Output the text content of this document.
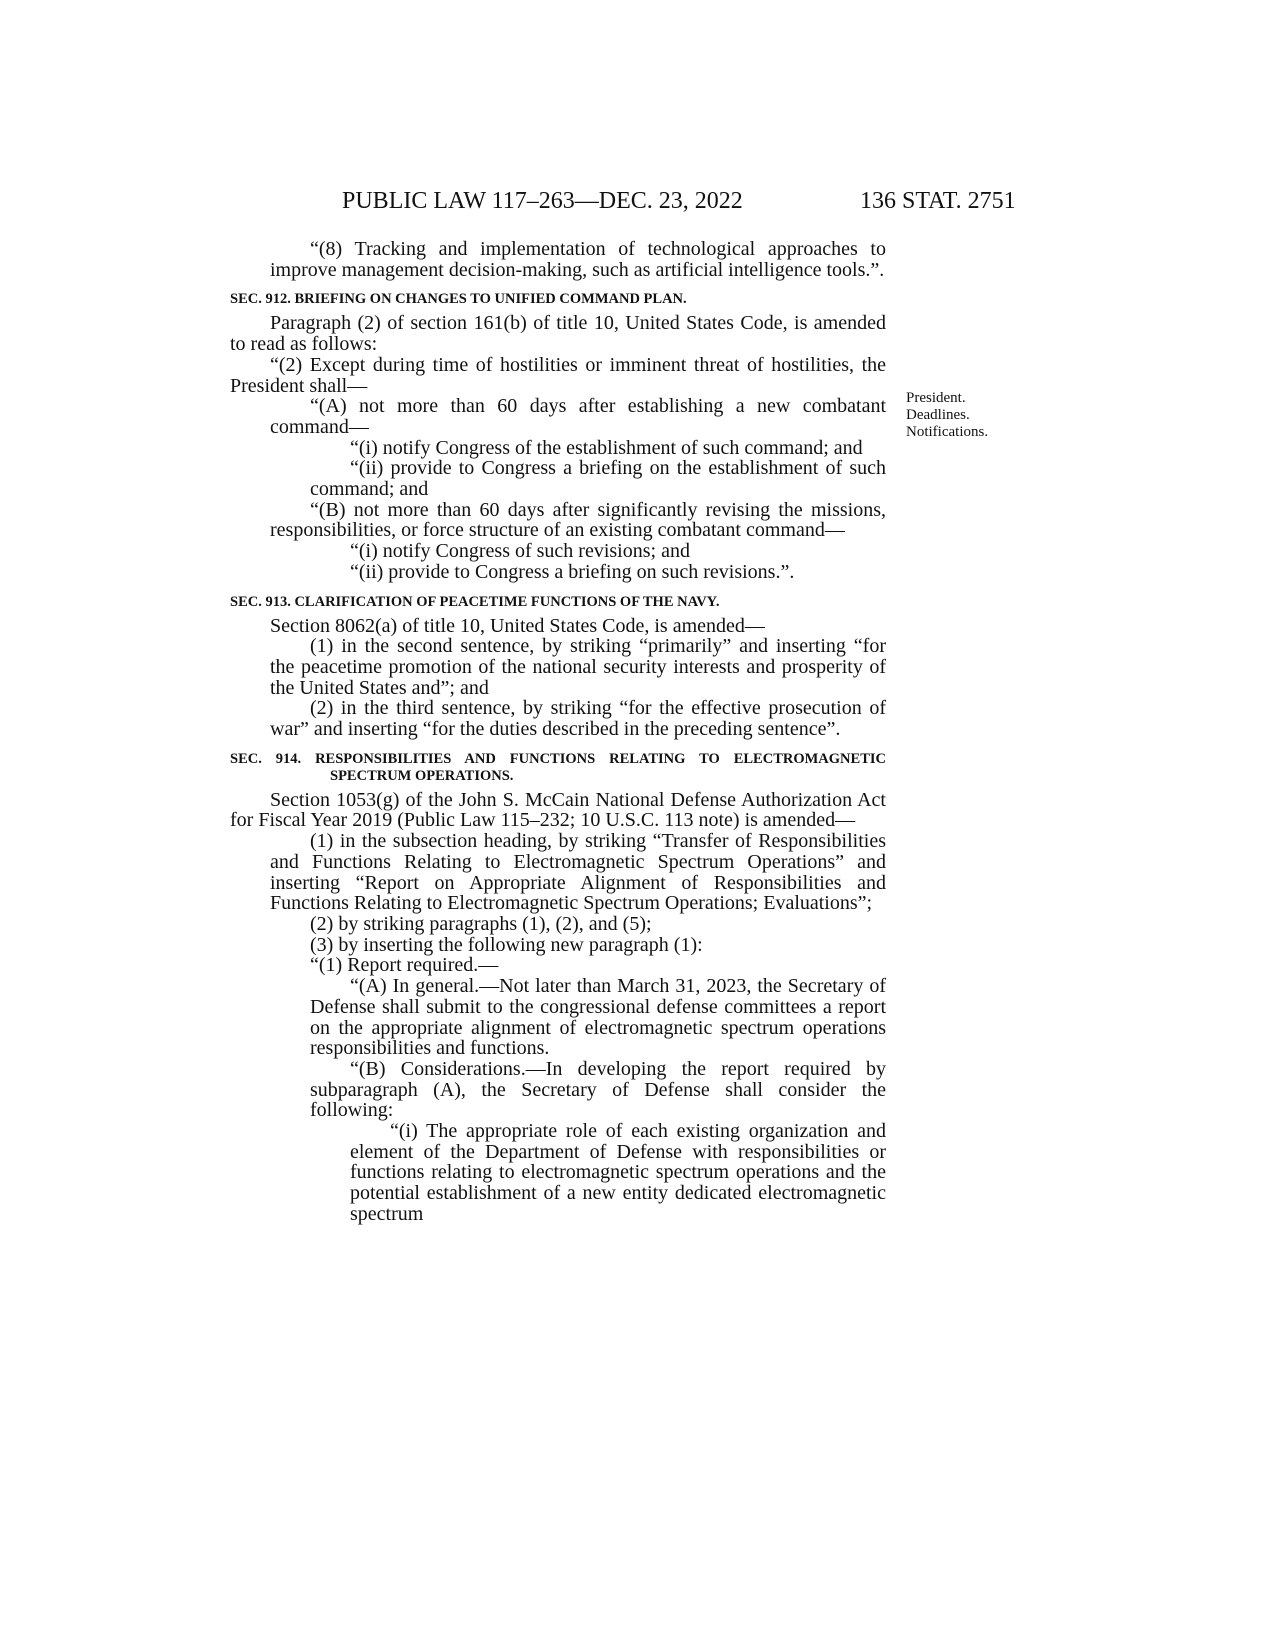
PUBLIC LAW 117–263—DEC. 23, 2022	136 STAT. 2751
President.
Deadlines.
Notifications.

“(8) Tracking and implementation of technological approaches to improve management decision-making, such as artificial intelligence tools.”.

SEC. 912. BRIEFING ON CHANGES TO UNIFIED COMMAND PLAN.

Paragraph (2) of section 161(b) of title 10, United States Code, is amended to read as follows:

“(2) Except during time of hostilities or imminent threat of hostilities, the President shall—

“(A) not more than 60 days after establishing a new combatant command—

“(i) notify Congress of the establishment of such command; and

“(ii) provide to Congress a briefing on the establishment of such command; and

“(B) not more than 60 days after significantly revising the missions, responsibilities, or force structure of an existing combatant command—

“(i) notify Congress of such revisions; and

“(ii) provide to Congress a briefing on such revisions.”.

SEC. 913. CLARIFICATION OF PEACETIME FUNCTIONS OF THE NAVY.

Section 8062(a) of title 10, United States Code, is amended—

(1) in the second sentence, by striking “primarily” and inserting “for the peacetime promotion of the national security interests and prosperity of the United States and”; and

(2) in the third sentence, by striking “for the effective prosecution of war” and inserting “for the duties described in the preceding sentence”.

SEC. 914. RESPONSIBILITIES AND FUNCTIONS RELATING TO ELECTROMAGNETIC SPECTRUM OPERATIONS.

Section 1053(g) of the John S. McCain National Defense Authorization Act for Fiscal Year 2019 (Public Law 115–232; 10 U.S.C. 113 note) is amended—

(1) in the subsection heading, by striking “Transfer of Responsibilities and Functions Relating to Electromagnetic Spectrum Operations” and inserting “Report on Appropriate Alignment of Responsibilities and Functions Relating to Electromagnetic Spectrum Operations; Evaluations”;

(2) by striking paragraphs (1), (2), and (5);

(3) by inserting the following new paragraph (1):

“(1) Report required.—

“(A) In general.—Not later than March 31, 2023, the Secretary of Defense shall submit to the congressional defense committees a report on the appropriate alignment of electromagnetic spectrum operations responsibilities and functions.

“(B) Considerations.—In developing the report required by subparagraph (A), the Secretary of Defense shall consider the following:

“(i) The appropriate role of each existing organization and element of the Department of Defense with responsibilities or functions relating to electromagnetic spectrum operations and the potential establishment of a new entity dedicated electromagnetic spectrum
